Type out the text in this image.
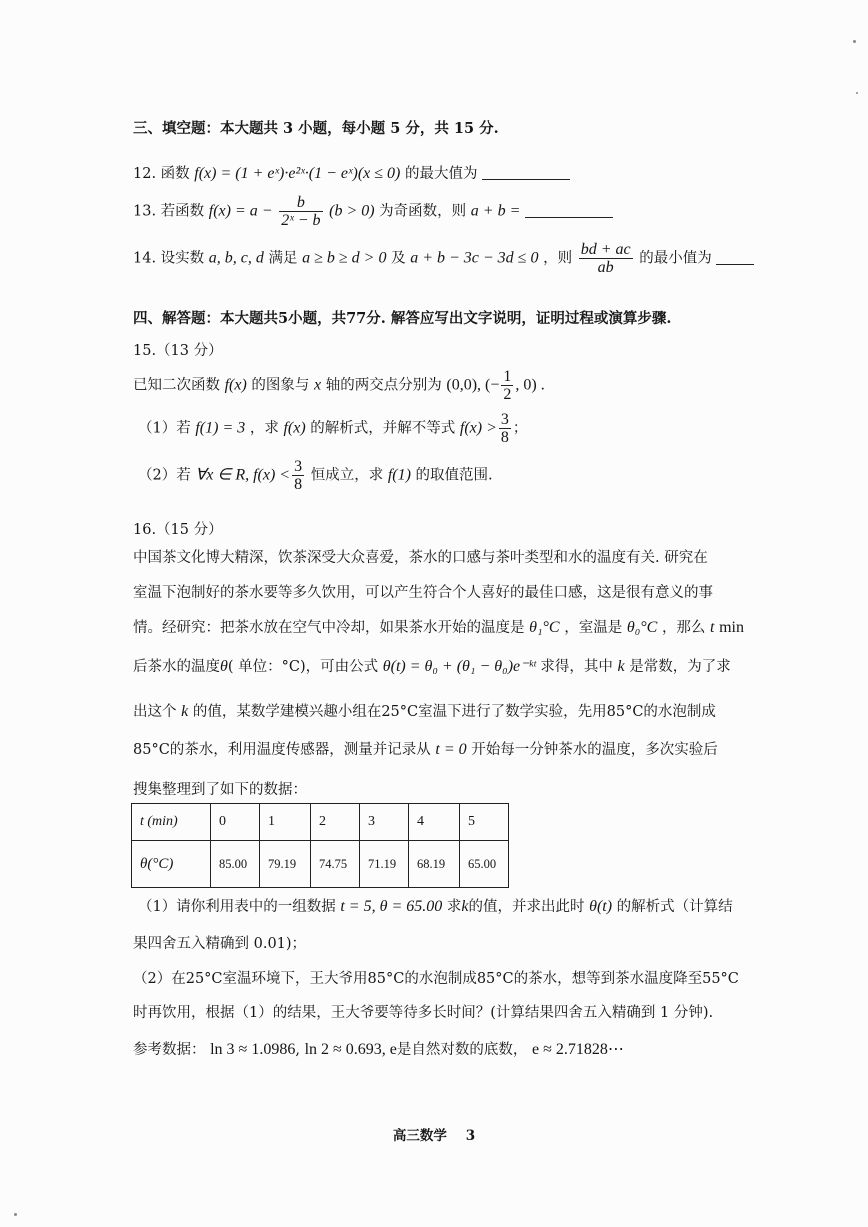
三、填空题：本大题共 3 小题，每小题 5 分，共 15 分.
12. 函数 f(x) = (1 + eˣ)·e²ˣ·(1 − eˣ)(x ≤ 0) 的最大值为
13. 若函数 $f(x) = a - \frac{b}{\text{2ˣ − b}} (b > 0)$ 为奇函数，则 a + b =
14. 设实数 a, b, c, d 满足 a ≥ b ≥ d > 0 及 a + b − 3c − 3d ≤ 0 ，则 $\frac{bd + ac}{ab}$ 的最小值为
四、解答题：本大题共5小题，共77分. 解答应写出文字说明，证明过程或演算步骤.
15.（13 分）
已知二次函数 f(x) 的图象与 x 轴的两交点分别为 (0,0), (− $\frac{1}{2}$ , 0) .
（1）若 f(1) = 3 ，求 f(x) 的解析式，并解不等式 $f(x) > \frac{3}{8}$ ；
（2）若 ∀x ∈ R, $f(x) < \frac{3}{8}$ 恒成立，求 f(1) 的取值范围.
16.（15 分）
中国茶文化博大精深，饮茶深受大众喜爱，茶水的口感与茶叶类型和水的温度有关. 研究在
室温下泡制好的茶水要等多久饮用，可以产生符合个人喜好的最佳口感，这是很有意义的事
情。经研究：把茶水放在空气中冷却，如果茶水开始的温度是 θ₁°C ，室温是 θ₀°C ，那么 t min
后茶水的温度θ( 单位：°C)，可由公式 θ(t) = θ₀ + (θ₁ − θ₀)e⁻ᵏᵗ 求得，其中 k 是常数，为了求
出这个 k 的值，某数学建模兴趣小组在25°C室温下进行了数学实验，先用85°C的水泡制成
85°C的茶水，利用温度传感器，测量并记录从 t = 0 开始每一分钟茶水的温度，多次实验后
搜集整理到了如下的数据：
t (min)	0	1	2	3	4	5
θ(°C)	85.00	79.19	74.75	71.19	68.19	65.00
（1）请你利用表中的一组数据 t = 5, θ = 65.00 求k的值，并求出此时 θ(t) 的解析式（计算结
果四舍五入精确到 0.01)；
（2）在25°C室温环境下，王大爷用85°C的水泡制成85°C的茶水，想等到茶水温度降至55°C
时再饮用，根据（1）的结果，王大爷要等待多长时间？(计算结果四舍五入精确到 1 分钟).
参考数据： ln 3 ≈ 1.0986, ln 2 ≈ 0.693, e是自然对数的底数， e ≈ 2.71828⋯
高三数学    3
